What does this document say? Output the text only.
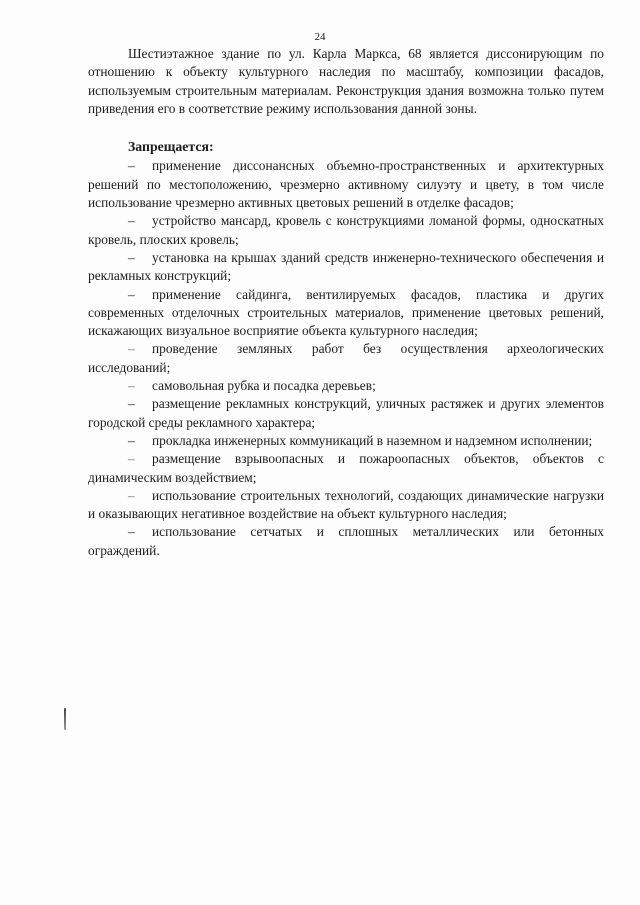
24

Шестиэтажное здание по ул. Карла Маркса, 68 является диссонирующим по отношению к объекту культурного наследия по масштабу, композиции фасадов, используемым строительным материалам. Реконструкция здания возможна только путем приведения его в соответствие режиму использования данной зоны.

Запрещается:

– применение диссонансных объемно-пространственных и архитектурных решений по местоположению, чрезмерно активному силуэту и цвету, в том числе использование чрезмерно активных цветовых решений в отделке фасадов;

– устройство мансард, кровель с конструкциями ломаной формы, односкатных кровель, плоских кровель;

– установка на крышах зданий средств инженерно-технического обеспечения и рекламных конструкций;

– применение сайдинга, вентилируемых фасадов, пластика и других современных отделочных строительных материалов, применение цветовых решений, искажающих визуальное восприятие объекта культурного наследия;

– проведение земляных работ без осуществления археологических исследований;

– самовольная рубка и посадка деревьев;

– размещение рекламных конструкций, уличных растяжек и других элементов городской среды рекламного характера;

– прокладка инженерных коммуникаций в наземном и надземном исполнении;

– размещение взрывоопасных и пожароопасных объектов, объектов с динамическим воздействием;

– использование строительных технологий, создающих динамические нагрузки и оказывающих негативное воздействие на объект культурного наследия;

– использование сетчатых и сплошных металлических или бетонных ограждений.
